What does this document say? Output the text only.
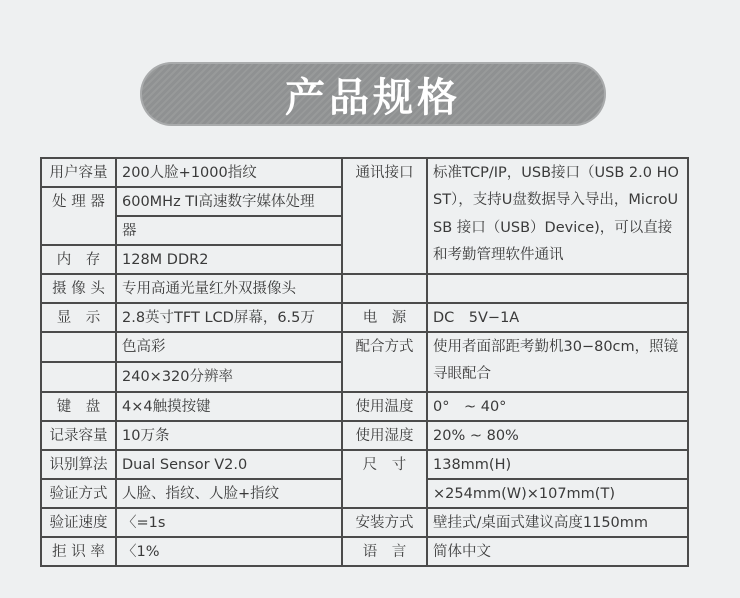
产品规格
用户容量	200人脸+1000指纹	通讯接口	标准TCP/IP，USB接口（USB 2.0 HOST），支持U盘数据导入导出，MicroUSB 接口（USB）Device)，可以直接和考勤管理软件通讯
处 理 器	600MHz TI高速数字媒体处理		
	器		
内　存	128M DDR2		
摄 像 头	专用高通光量红外双摄像头		
显　示	2.8英寸TFT LCD屏幕，6.5万	电　源	DC　5V−1A
	色高彩	配合方式	使用者面部距考勤机30−80cm，照镜寻眼配合
	240×320分辨率		
键　盘	4×4触摸按键	使用温度	0°　~ 40°
记录容量	10万条	使用湿度	20% ~ 80%
识别算法	Dual Sensor V2.0	尺　寸	138mm(H)
验证方式	人脸、指纹、人脸+指纹		×254mm(W)×107mm(T)
验证速度	〈=1s	安装方式	壁挂式/桌面式建议高度1150mm
拒 识 率	〈1%	语　言	简体中文
